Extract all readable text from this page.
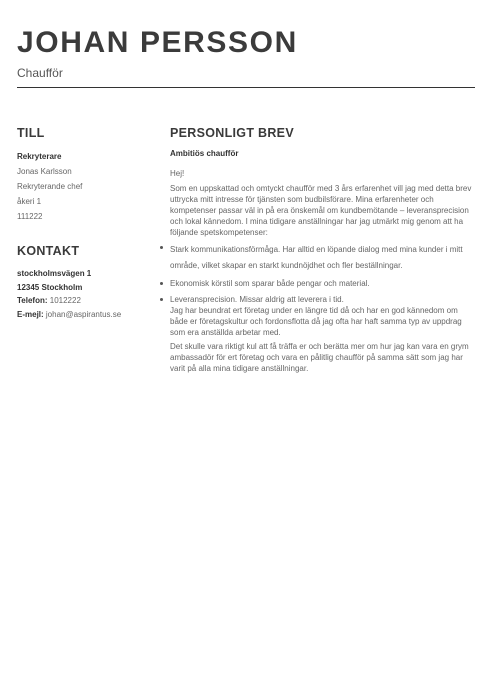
JOHAN PERSSON
Chaufför
TILL
Rekryterare
Jonas Karlsson
Rekryterande chef
åkeri 1
111222
KONTAKT
stockholmsvägen 1
12345 Stockholm
Telefon: 1012222
E-mejl: johan@aspirantus.se
PERSONLIGT BREV
Ambitiös chaufför

Hej!

Som en uppskattad och omtyckt chaufför med 3 års erfarenhet vill jag med detta brev uttrycka mitt intresse för tjänsten som budbilsförare. Mina erfarenheter och kompetenser passar väl in på era önskemål om kundbemötande – leveransprecision och lokal kännedom. I mina tidigare anställningar har jag utmärkt mig genom att ha följande spetskompetenser:

Stark kommunikationsförmåga. Har alltid en löpande dialog med mina kunder i mitt område, vilket skapar en starkt kundnöjdhet och fler beställningar.
Ekonomisk körstil som sparar både pengar och material.
Leveransprecision. Missar aldrig att leverera i tid.

Jag har beundrat ert företag under en längre tid då och har en god kännedom om både er företagskultur och fordonsflotta då jag ofta har haft samma typ av uppdrag som era anställda arbetar med.

Det skulle vara riktigt kul att få träffa er och berätta mer om hur jag kan vara en grym ambassadör för ert företag och vara en pålitlig chaufför på samma sätt som jag har varit på alla mina tidigare anställningar.
